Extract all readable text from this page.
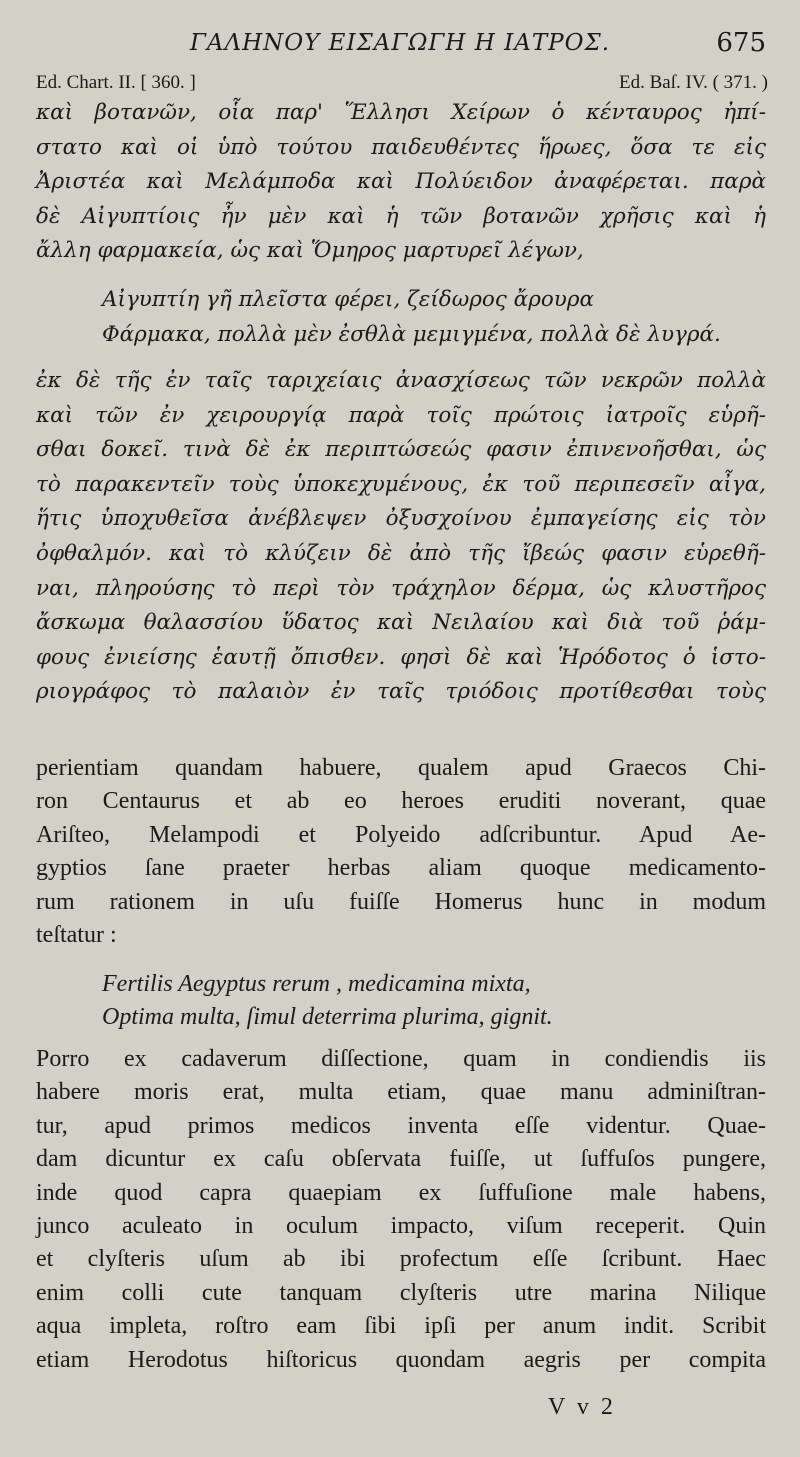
ΓΑΛΗΝΟΥ ΕΙΣΑΓΩΓΗ Η ΙΑΤΡΟΣ.	675
Ed. Chart. II. [ 360. ]	Ed. Baſ. IV. ( 371. )
καὶ βοτανῶν, οἷα παρ' Ἕλλησι Χείρων ὁ κένταυρος ἠπί-
στατο καὶ οἱ ὑπὸ τούτου παιδευθέντες ἥρωες, ὅσα τε εἰς
Ἀριστέα καὶ Μελάμποδα καὶ Πολύειδον ἀναφέρεται. παρὰ
δὲ Αἰγυπτίοις ἦν μὲν καὶ ἡ τῶν βοτανῶν χρῆσις καὶ ἡ
ἄλλη φαρμακεία, ὡς καὶ Ὅμηρος μαρτυρεῖ λέγων,
Αἰγυπτίη γῆ πλεῖστα φέρει, ζείδωρος ἄρουρα
Φάρμακα, πολλὰ μὲν ἐσθλὰ μεμιγμένα, πολλὰ δὲ λυγρά.
ἐκ δὲ τῆς ἐν ταῖς ταριχείαις ἀνασχίσεως τῶν νεκρῶν πολλὰ
καὶ τῶν ἐν χειρουργίᾳ παρὰ τοῖς πρώτοις ἰατροῖς εὑρῆ-
σθαι δοκεῖ. τινὰ δὲ ἐκ περιπτώσεώς φασιν ἐπινενοῆσθαι, ὡς
τὸ παρακεντεῖν τοὺς ὑποκεχυμένους, ἐκ τοῦ περιπεσεῖν αἶγα,
ἥτις ὑποχυθεῖσα ἀνέβλεψεν ὀξυσχοίνου ἐμπαγείσης εἰς τὸν
ὀφθαλμόν. καὶ τὸ κλύζειν δὲ ἀπὸ τῆς ἴβεώς φασιν εὑρεθῆ-
ναι, πληρούσης τὸ περὶ τὸν τράχηλον δέρμα, ὡς κλυστῆρος
ἄσκωμα θαλασσίου ὕδατος καὶ Νειλαίου καὶ διὰ τοῦ ῥάμ-
φους ἐνιείσης ἑαυτῇ ὄπισθεν. φησὶ δὲ καὶ Ἡρόδοτος ὁ ἱστο-
ριογράφος τὸ παλαιὸν ἐν ταῖς τριόδοις προτίθεσθαι τοὺς
perientiam quandam habuere, qualem apud Graecos Chi-
ron Centaurus et ab eo heroes eruditi noverant, quae
Ariſteo, Melampodi et Polyeido adſcribuntur. Apud Ae-
gyptios ſane praeter herbas aliam quoque medicamento-
rum rationem in uſu fuiſſe Homerus hunc in modum
teſtatur :
Fertilis Aegyptus rerum , medicamina mixta,
Optima multa, ſimul deterrima plurima, gignit.
Porro ex cadaverum diſſectione, quam in condiendis iis
habere moris erat, multa etiam, quae manu adminiſtran-
tur, apud primos medicos inventa eſſe videntur. Quae-
dam dicuntur ex caſu obſervata fuiſſe, ut ſuffuſos pungere,
inde quod capra quaepiam ex ſuffuſione male habens,
junco aculeato in oculum impacto, viſum receperit. Quin
et clyſteris uſum ab ibi profectum eſſe ſcribunt. Haec
enim colli cute tanquam clyſteris utre marina Niliquе
aqua impleta, roſtro eam ſibi ipſi per anum indit. Scribit
etiam Herodotus hiſtoricus quondam aegris per compita
V v 2
